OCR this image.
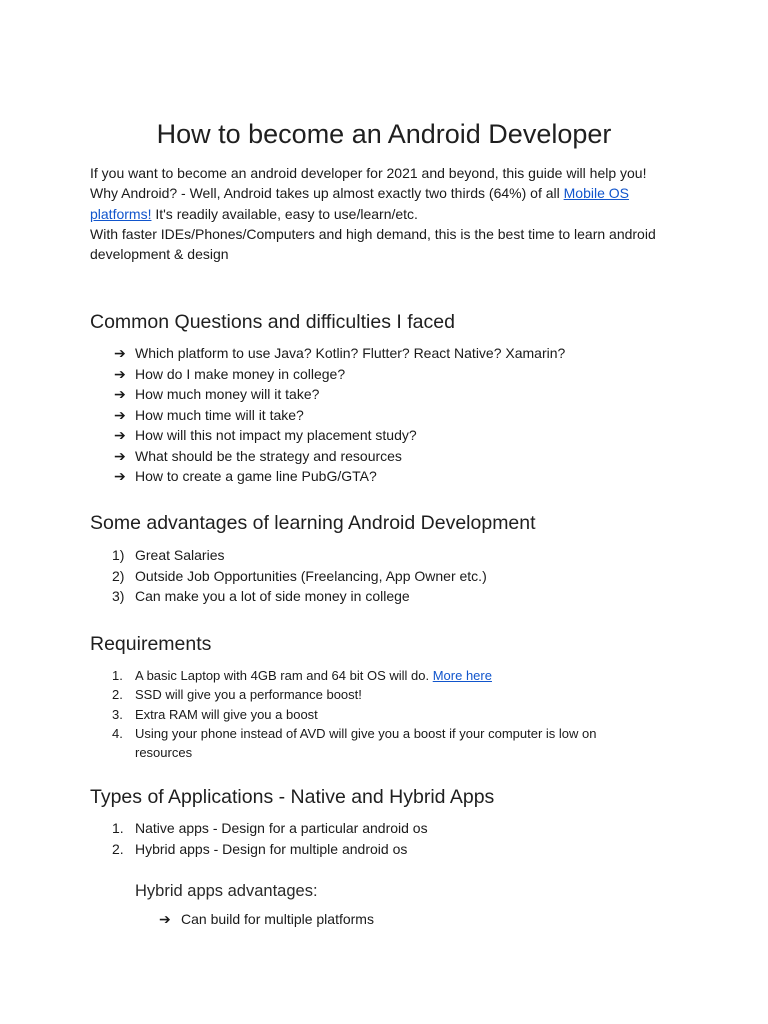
How to become an Android Developer

If you want to become an android developer for 2021 and beyond, this guide will help you!

Why Android? - Well, Android takes up almost exactly two thirds (64%) of all Mobile OS platforms! It's readily available, easy to use/learn/etc.

With faster IDEs/Phones/Computers and high demand, this is the best time to learn android development & design

Common Questions and difficulties I faced
➔ Which platform to use Java? Kotlin? Flutter? React Native? Xamarin?
➔ How do I make money in college?
➔ How much money will it take?
➔ How much time will it take?
➔ How will this not impact my placement study?
➔ What should be the strategy and resources
➔ How to create a game line PubG/GTA?
Some advantages of learning Android Development
1) Great Salaries
2) Outside Job Opportunities (Freelancing, App Owner etc.)
3) Can make you a lot of side money in college
Requirements
1. A basic Laptop with 4GB ram and 64 bit OS will do. More here
2. SSD will give you a performance boost!
3. Extra RAM will give you a boost
4. Using your phone instead of AVD will give you a boost if your computer is low on resources
Types of Applications - Native and Hybrid Apps
1. Native apps - Design for a particular android os
2. Hybrid apps - Design for multiple android os
Hybrid apps advantages:
➔ Can build for multiple platforms
